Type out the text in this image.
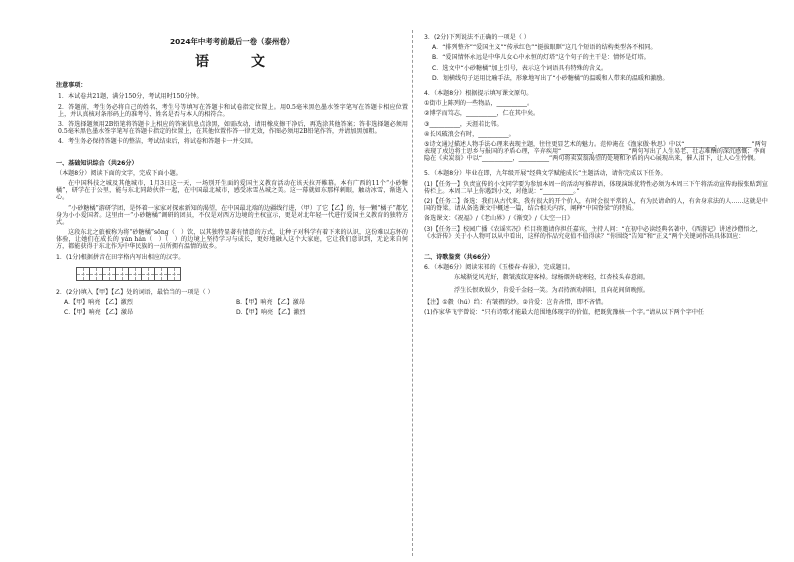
2024年中考考前最后一卷（泰州卷）
语　文
注意事项：
1．本试卷共21题，满分150分，考试用时150分钟。
2．答题前，考生务必将自己的姓名、考生号等填写在答题卡和试卷指定位置上。用0.5毫米黑色墨水签字笔写在答题卡相应位置上，并认真核对条形码上的准考号、姓名是否与本人的相符合。
3．答选择题须用2B铅笔将答题卡上相应的答案信息点涂黑，如需改动，请用橡皮擦干净后，再选涂其他答案；答非选择题必须用0.5毫米黑色墨水签字笔写在答题卡指定的位置上，在其他位置作答一律无效，作图必须用2B铅笔作答，并请加黑加粗。
4．考生务必保持答题卡的整洁，考试结束后，将试卷和答题卡一并交回。
一、基础知识综合（共26分）
（本题8分）阅读下面的文字，完成下面小题。
在中国科技之城及其他城市，1月3日这一天，一场别开生面的爱国主义教育活动在该天拉开帷幕。本有广西的11个“小砂糖橘”，研学在于公里，能与东北同龄伙伴一起，在中国最北城市，感受冰雪丛城之美。这一幕就如东那样刺眼，触动冰雪，渐逝入心。
“小砂糖橘”游研学团，是怀着一家家对探索新知的渴望，在中国最北端的边疆线行进，（甲）了它【乙】的，每一颗“橘子”都忆身为小小爱国者。这里由一“小砂糖橘”调研的团员，不仅是对西方边境的主权宣示，更是对北年轻一代进行爱国主义教育的独特方式。
这段东北之旅被称为将“砂糖橘”sōng（　）饮，以其独特显著有情意的方式，让种子对科学有着下来的认识，这份难以忘怀的体验，让她们在成长的 yán hán（　）（　）的边境上坚持学习与成长，更好地融入这个大家庭，它让我们意识到，无论来自何方，都能获得于东北作为中华民族的一员所拥有温情的故乡。
1．(1分)根据拼音在田字格内写出相应的汉字。
2．(2分)填入【甲】【乙】处的词语，最恰当的一项是（ ）
A.【甲】响亮 【乙】激烈	B.【甲】响亮 【乙】激昂
C.【甲】响亮 【乙】激昂	D.【甲】响亮 【乙】激烈
3．(2分)下列说法不正确的一项是（ ）
A．“排列整齐”“爱国主义”“传承红色”“挺拔眼眶”这几个短语的结构类型各不相同。
B．“爱国情怀永远是中华儿女心中永恒的灯塔”这个句子的主干是：情怀是灯塔。
C．选文中“小砂糖橘”加上引号，表示这个词语具有特殊的含义。
D．划横线句子运用比喻手法，形象地写出了“小砂糖橘”的温暖和人带来的温暖和激励。
4．（本题8分）根据提示填写课文原句。
①街市上陈列的一些物品，__________。
②博学而笃志，__________，仁在其中矣。
③__________，天涯若比邻。
④长风破浪会有时，__________。
⑤诗文通过描述人物手法心理来表现主题，往往更显艺术的魅力。范仲淹在《渔家傲·秋思》中以“__________，__________”两句表现了戍边将士思乡与报国的矛盾心理，辛弃疾用“__________，__________”两句写出了人生易老、壮志难酬的深沉感慨；李商隐在《卖炭翁》中以“__________，__________”两句将卖炭翁渴望的处境和矛盾的内心展现出来，催人泪下，让人心生怜悯。
5．（本题8分）毕业在即，九年级开展“经典文学赋能成长”主题活动，请你完成以下任务。
(1)【任务一】负责宣传的小文同学要为参加本周一的活动写推荐语，体现演练优特性必须为本周三下午将活动宣传海报张贴到宣传栏上。本周二早上你遇到小文，对他说：“__________。”
(2)【任务二】备选：我们从古代来，我有很大的开个价人，有时会很平常的人，有为民请命的人，有舍身求法的人……这就是中国的脊梁。请从备选课文中概述一篇，结合相关内容，阐释“中国脊梁”的特质。
备选课文：《祝福》/《老山界》/《渐变》/《太空一日》
(3)【任务三】校园广播《农谣实况》栏目将邀请你担任嘉宾，主持人问：“在初中必读经典名著中，《西游记》讲述沙僧悟之，《水浒传》关于小人物可以从中看出，这样的作品究竟值不值得读？”你围绕“告知”和“正义”两个关键词作出具体回应：
二、诗歌鉴赏（共66分）
6．（本题6分）阅读宋祁的《玉楼春·春景》，完成题目。
东城渐觉风光好，縠皱波纹迎客棹。绿杨烟外晓寒轻，红杏枝头春意闹。
浮生长恨欢娱少，肯爱千金轻一笑。为君持酒劝斜阳，且向花间留晚照。
【注】①縠（hú）绉：有皱褶的纱。②肯爱：岂肯吝惜，即不吝惜。
(1)作家华飞宇曾说：“只有诗歌才能最大范围地体现字的价值，把既犹豫核一个字。”请从以下两个字中任
